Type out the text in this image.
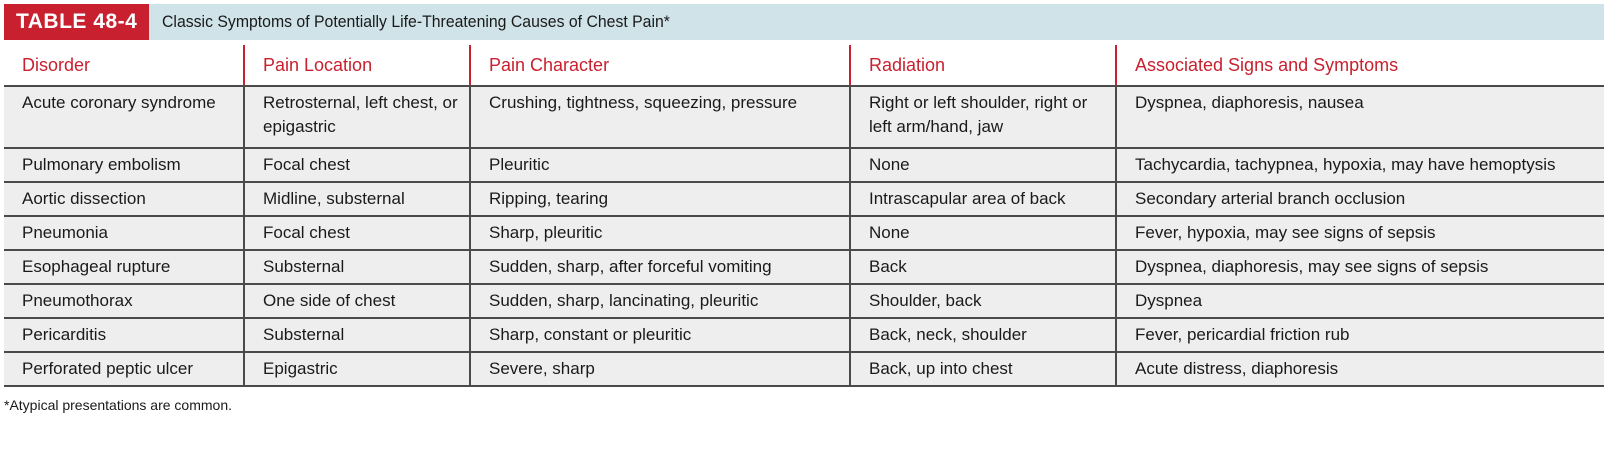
TABLE 48-4	Classic Symptoms of Potentially Life-Threatening Causes of Chest Pain*
Disorder	Pain Location	Pain Character	Radiation	Associated Signs and Symptoms
Acute coronary syndrome	Retrosternal, left chest, or epigastric	Crushing, tightness, squeezing, pressure	Right or left shoulder, right or left arm/hand, jaw	Dyspnea, diaphoresis, nausea
Pulmonary embolism	Focal chest	Pleuritic	None	Tachycardia, tachypnea, hypoxia, may have hemoptysis
Aortic dissection	Midline, substernal	Ripping, tearing	Intrascapular area of back	Secondary arterial branch occlusion
Pneumonia	Focal chest	Sharp, pleuritic	None	Fever, hypoxia, may see signs of sepsis
Esophageal rupture	Substernal	Sudden, sharp, after forceful vomiting	Back	Dyspnea, diaphoresis, may see signs of sepsis
Pneumothorax	One side of chest	Sudden, sharp, lancinating, pleuritic	Shoulder, back	Dyspnea
Pericarditis	Substernal	Sharp, constant or pleuritic	Back, neck, shoulder	Fever, pericardial friction rub
Perforated peptic ulcer	Epigastric	Severe, sharp	Back, up into chest	Acute distress, diaphoresis
*Atypical presentations are common.
